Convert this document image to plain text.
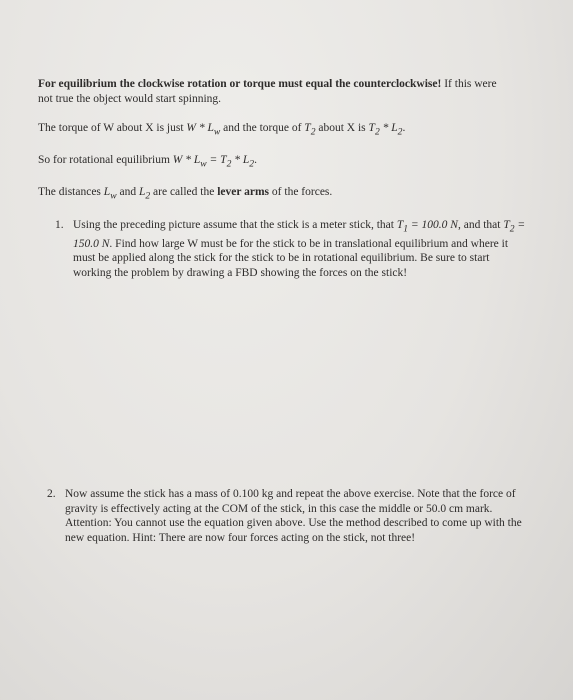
For equilibrium the clockwise rotation or torque must equal the counterclockwise! If this were not true the object would start spinning.
The torque of W about X is just W * $L_w$ and the torque of $T_2$ about X is $T_2 * L_2$.
So for rotational equilibrium $W * L_w = T_2 * L_2$.
The distances $L_w$ and $L_2$ are called the lever arms of the forces.
1. Using the preceding picture assume that the stick is a meter stick, that $T_1 = 100.0$ N, and that $T_2 = 150.0$ N. Find how large W must be for the stick to be in translational equilibrium and where it must be applied along the stick for the stick to be in rotational equilibrium. Be sure to start working the problem by drawing a FBD showing the forces on the stick!
2. Now assume the stick has a mass of 0.100 kg and repeat the above exercise. Note that the force of gravity is effectively acting at the COM of the stick, in this case the middle or 50.0 cm mark. Attention: You cannot use the equation given above. Use the method described to come up with the new equation. Hint: There are now four forces acting on the stick, not three!
